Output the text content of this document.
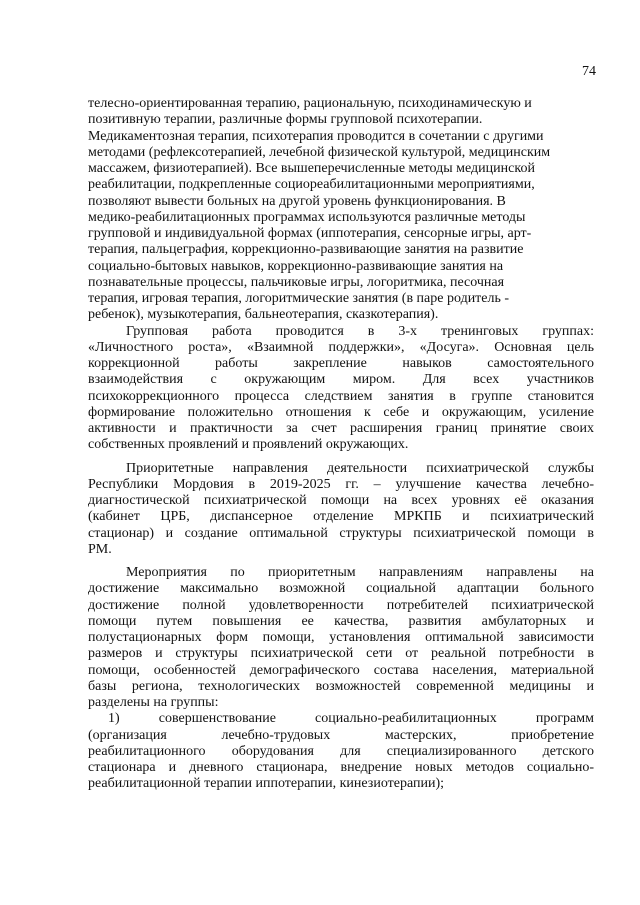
74
телесно-ориентированная терапию, рациональную, психодинамическую и
позитивную терапии, различные формы групповой психотерапии.
Медикаментозная терапия, психотерапия проводится в сочетании с другими
методами (рефлексотерапией, лечебной физической культурой, медицинским
массажем, физиотерапией). Все вышеперечисленные методы медицинской
реабилитации, подкрепленные социореабилитационными мероприятиями,
позволяют вывести больных на другой уровень функционирования. В
медико-реабилитационных программах используются различные методы
групповой и индивидуальной формах (иппотерапия, сенсорные игры, арт-
терапия, пальцеграфия, коррекционно-развивающие занятия на развитие
социально-бытовых навыков, коррекционно-развивающие занятия на
познавательные процессы, пальчиковые игры, логоритмика, песочная
терапия, игровая терапия, логоритмические занятия (в паре родитель -
ребенок), музыкотерапия, бальнеотерапия, сказкотерапия).
Групповая работа проводится в 3-х тренинговых группах:
«Личностного роста», «Взаимной поддержки», «Досуга». Основная цель
коррекционной работы закрепление навыков самостоятельного
взаимодействия с окружающим миром. Для всех участников
психокоррекционного процесса следствием занятия в группе становится
формирование положительно отношения к себе и окружающим, усиление
активности и практичности за счет расширения границ принятие своих
собственных проявлений и проявлений окружающих.
Приоритетные направления деятельности психиатрической службы
Республики Мордовия в 2019-2025 гг. – улучшение качества лечебно-
диагностической психиатрической помощи на всех уровнях её оказания
(кабинет ЦРБ, диспансерное отделение МРКПБ и психиатрический
стационар) и создание оптимальной структуры психиатрической помощи в
РМ.
Мероприятия по приоритетным направлениям направлены на
достижение максимально возможной социальной адаптации больного
достижение полной удовлетворенности потребителей психиатрической
помощи путем повышения ее качества, развития амбулаторных и
полустационарных форм помощи, установления оптимальной зависимости
размеров и структуры психиатрической сети от реальной потребности в
помощи, особенностей демографического состава населения, материальной
базы региона, технологических возможностей современной медицины и
разделены на группы:
1) совершенствование социально-реабилитационных программ
(организация лечебно-трудовых мастерских, приобретение
реабилитационного оборудования для специализированного детского
стационара и дневного стационара, внедрение новых методов социально-
реабилитационной терапии иппотерапии, кинезиотерапии);
